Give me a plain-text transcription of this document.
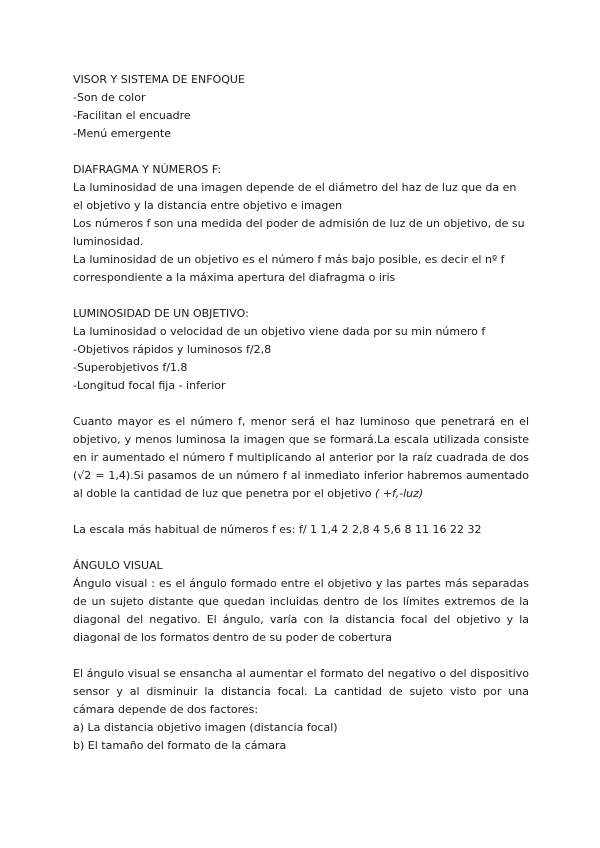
VISOR Y SISTEMA DE ENFOQUE

-Son de color

-Facilitan el encuadre

-Menú emergente

DIAFRAGMA Y NÚMEROS F:

La luminosidad de una imagen depende de el diámetro del haz de luz que da en el objetivo y la distancia entre objetivo e imagen

Los números f son una medida del poder de admisión de luz de un objetivo, de su luminosidad.

La luminosidad de un objetivo es el número f más bajo posible, es decir el nº f correspondiente a la máxima apertura del diafragma o iris

LUMINOSIDAD DE UN OBJETIVO:

La luminosidad o velocidad de un objetivo viene dada por su min número f

-Objetivos rápidos y luminosos f/2,8

-Superobjetivos f/1.8

-Longitud focal fija - inferior

Cuanto mayor es el número f, menor será el haz luminoso que penetrará en el objetivo, y menos luminosa la imagen que se formará.La escala utilizada consiste en ir aumentado el número f multiplicando al anterior por la raíz cuadrada de dos (√2 = 1,4).Si pasamos de un número f al inmediato inferior habremos aumentado al doble la cantidad de luz que penetra por el objetivo ( +f,-luz)

La escala más habitual de números f es: f/ 1 1,4 2 2,8 4 5,6 8 11 16 22 32

ÁNGULO VISUAL

Ángulo visual : es el ángulo formado entre el objetivo y las partes más separadas de un sujeto distante que quedan incluidas dentro de los límites extremos de la diagonal del negativo. El ángulo, varía con la distancia focal del objetivo y la diagonal de los formatos dentro de su poder de cobertura

El ángulo visual se ensancha al aumentar el formato del negativo o del dispositivo sensor y al disminuir la distancia focal. La cantidad de sujeto visto por una cámara depende de dos factores:

a) La distancia objetivo imagen (distancia focal)

b) El tamaño del formato de la cámara
